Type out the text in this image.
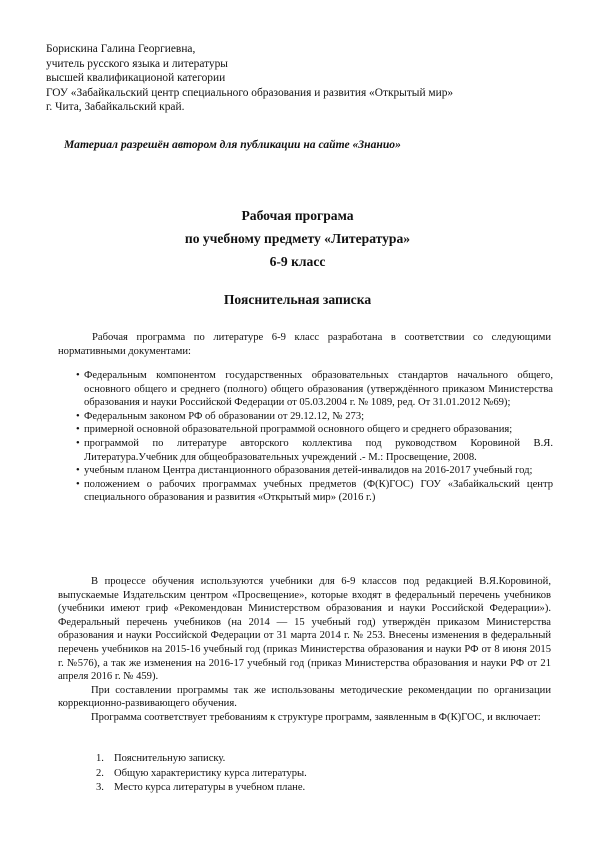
Борискина Галина Георгиевна,
учитель русского языка и литературы
высшей квалификационой категории
ГОУ «Забайкальский центр специального образования и развития «Открытый мир»
г. Чита, Забайкальский край.
Материал разрешён автором для публикации на сайте «Знанио»
Рабочая програма
по учебному предмету «Литература»
6-9 класс
Пояснительная записка
Рабочая программа по литературе 6-9 класс разработана в соответствии со следующими нормативными документами:
• Федеральным компонентом государственных образовательных стандартов начального общего, основного общего и среднего (полного) общего образования (утверждённого приказом Министерства образования и науки Российской Федерации от 05.03.2004 г. № 1089, ред. От 31.01.2012 №69);
• Федеральным законом РФ об образовании от 29.12.12, № 273;
• примерной основной образовательной программой основного общего и среднего образования;
• программой по литературе авторского коллектива под руководством Коровиной В.Я. Литература.Учебник для общеобразовательных учреждений .- М.: Просвещение, 2008.
• учебным планом Центра дистанционного образования детей-инвалидов на 2016-2017 учебный год;
• положением о рабочих программах учебных предметов (Ф(К)ГОС) ГОУ «Забайкальский центр специального образования и развития «Открытый мир» (2016 г.)

В процессе обучения используются учебники для 6-9 классов под редакцией В.Я.Коровиной, выпускаемые Издательским центром «Просвещение», которые входят в федеральный перечень учебников (учебники имеют гриф «Рекомендован Министерством образования и науки Российской Федерации»). Федеральный перечень учебников (на 2014 — 15 учебный год) утверждён приказом Министерства образования и науки Российской Федерации от 31 марта 2014 г. № 253. Внесены изменения в федеральный перечень учебников на 2015-16 учебный год (приказ Министерства образования и науки РФ от 8 июня 2015 г. №576), а так же изменения на 2016-17 учебный год (приказ Министерства образования и науки РФ от 21 апреля 2016 г. № 459).

При составлении программы так же использованы методические рекомендации по организации коррекционно-развивающего обучения.

Программа соответствует требованиям к структуре программ, заявленным в Ф(К)ГОС, и включает:

1. Пояснительную записку.
2. Общую характеристику курса литературы.
3. Место курса литературы в учебном плане.
